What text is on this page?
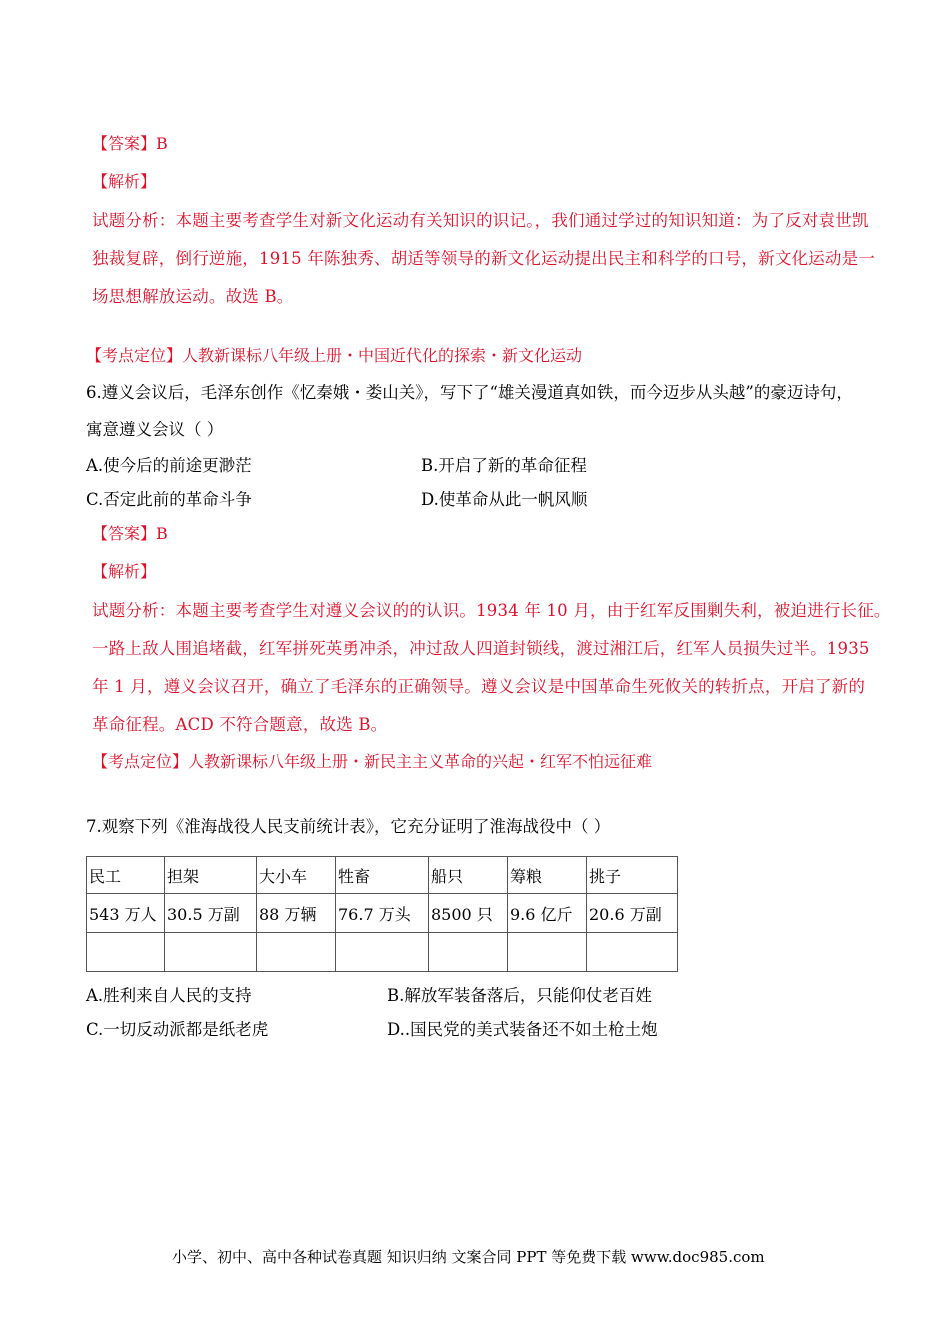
【答案】B
【解析】
试题分析：本题主要考查学生对新文化运动有关知识的识记。，我们通过学过的知识知道：为了反对袁世凯
独裁复辟，倒行逆施，1915 年陈独秀、胡适等领导的新文化运动提出民主和科学的口号，新文化运动是一
场思想解放运动。故选 B。
【考点定位】人教新课标八年级上册・中国近代化的探索・新文化运动
6.遵义会议后，毛泽东创作《忆秦娥・娄山关》，写下了“雄关漫道真如铁，而今迈步从头越”的豪迈诗句，
寓意遵义会议（ ）
A.使今后的前途更渺茫	B.开启了新的革命征程
C.否定此前的革命斗争	D.使革命从此一帆风顺
【答案】B
【解析】
试题分析：本题主要考查学生对遵义会议的的认识。1934 年 10 月，由于红军反围剿失利，被迫进行长征。
一路上敌人围追堵截，红军拼死英勇冲杀，冲过敌人四道封锁线，渡过湘江后，红军人员损失过半。1935
年 1 月，遵义会议召开，确立了毛泽东的正确领导。遵义会议是中国革命生死攸关的转折点，开启了新的
革命征程。ACD 不符合题意，故选 B。
【考点定位】人教新课标八年级上册・新民主主义革命的兴起・红军不怕远征难
7.观察下列《淮海战役人民支前统计表》，它充分证明了淮海战役中（ ）
民工	担架	大小车	牲畜	船只	筹粮	挑子
543 万人	30.5 万副	88 万辆	76.7 万头	8500 只	9.6 亿斤	20.6 万副

A.胜利来自人民的支持	B.解放军装备落后，只能仰仗老百姓
C.一切反动派都是纸老虎	D..国民党的美式装备还不如土枪土炮
小学、初中、高中各种试卷真题 知识归纳 文案合同 PPT 等免费下载 www.doc985.com
